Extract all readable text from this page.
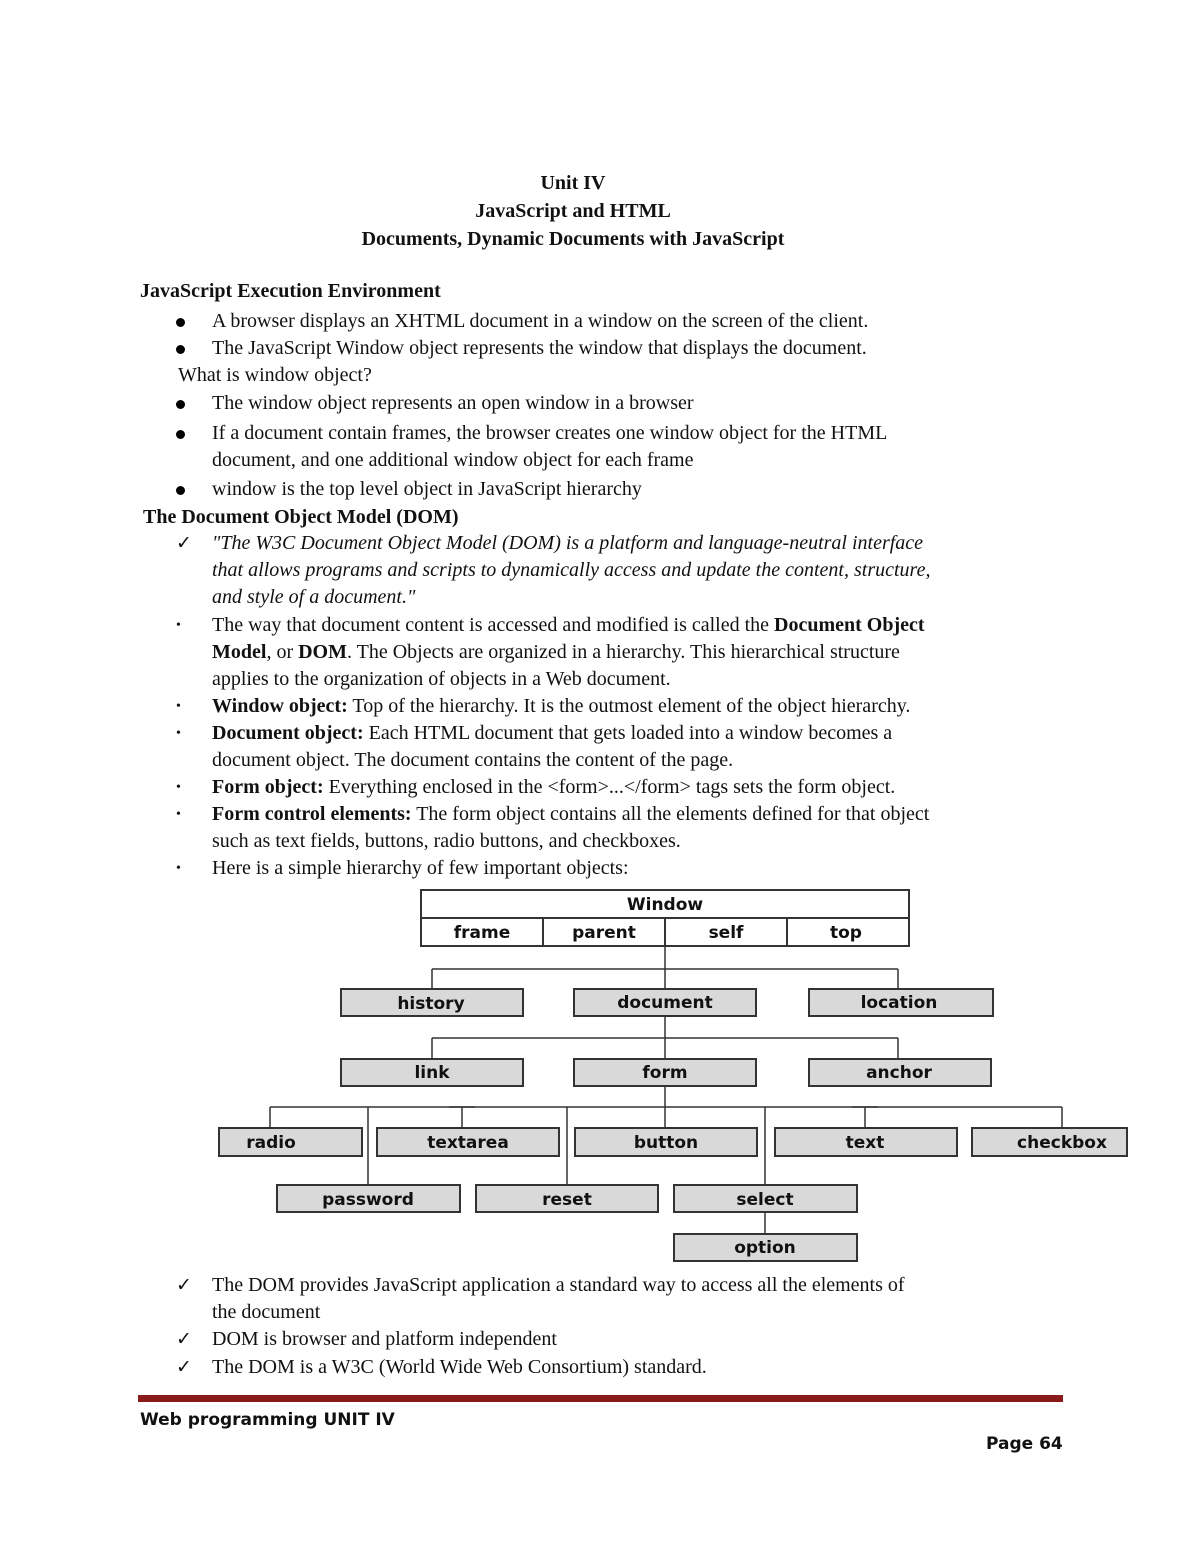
Unit IV

JavaScript and HTML

Documents, Dynamic Documents with JavaScript

JavaScript Execution Environment

A browser displays an XHTML document in a window on the screen of the client.

The JavaScript Window object represents the window that displays the document.

What is window object?

The window object represents an open window in a browser

If a document contain frames, the browser creates one window object for the HTML

document, and one additional window object for each frame

window is the top level object in JavaScript hierarchy

The Document Object Model (DOM)

✓ "The W3C Document Object Model (DOM) is a platform and language-neutral interface

that allows programs and scripts to dynamically access and update the content, structure,

and style of a document."

• The way that document content is accessed and modified is called the Document Object

Model, or DOM. The Objects are organized in a hierarchy. This hierarchical structure

applies to the organization of objects in a Web document.

• Window object: Top of the hierarchy. It is the outmost element of the object hierarchy.

• Document object: Each HTML document that gets loaded into a window becomes a

document object. The document contains the content of the page.

• Form object: Everything enclosed in the <form>...</form> tags sets the form object.

• Form control elements: The form object contains all the elements defined for that object

such as text fields, buttons, radio buttons, and checkboxes.

• Here is a simple hierarchy of few important objects:

Window
frame	parent	self	top
history	document	location
link	form	anchor
radio	textarea	button	text	checkbox
password	reset	select
option
✓ The DOM provides JavaScript application a standard way to access all the elements of

the document

✓ DOM is browser and platform independent

✓ The DOM is a W3C (World Wide Web Consortium) standard.

Web programming UNIT IV

Page 64
